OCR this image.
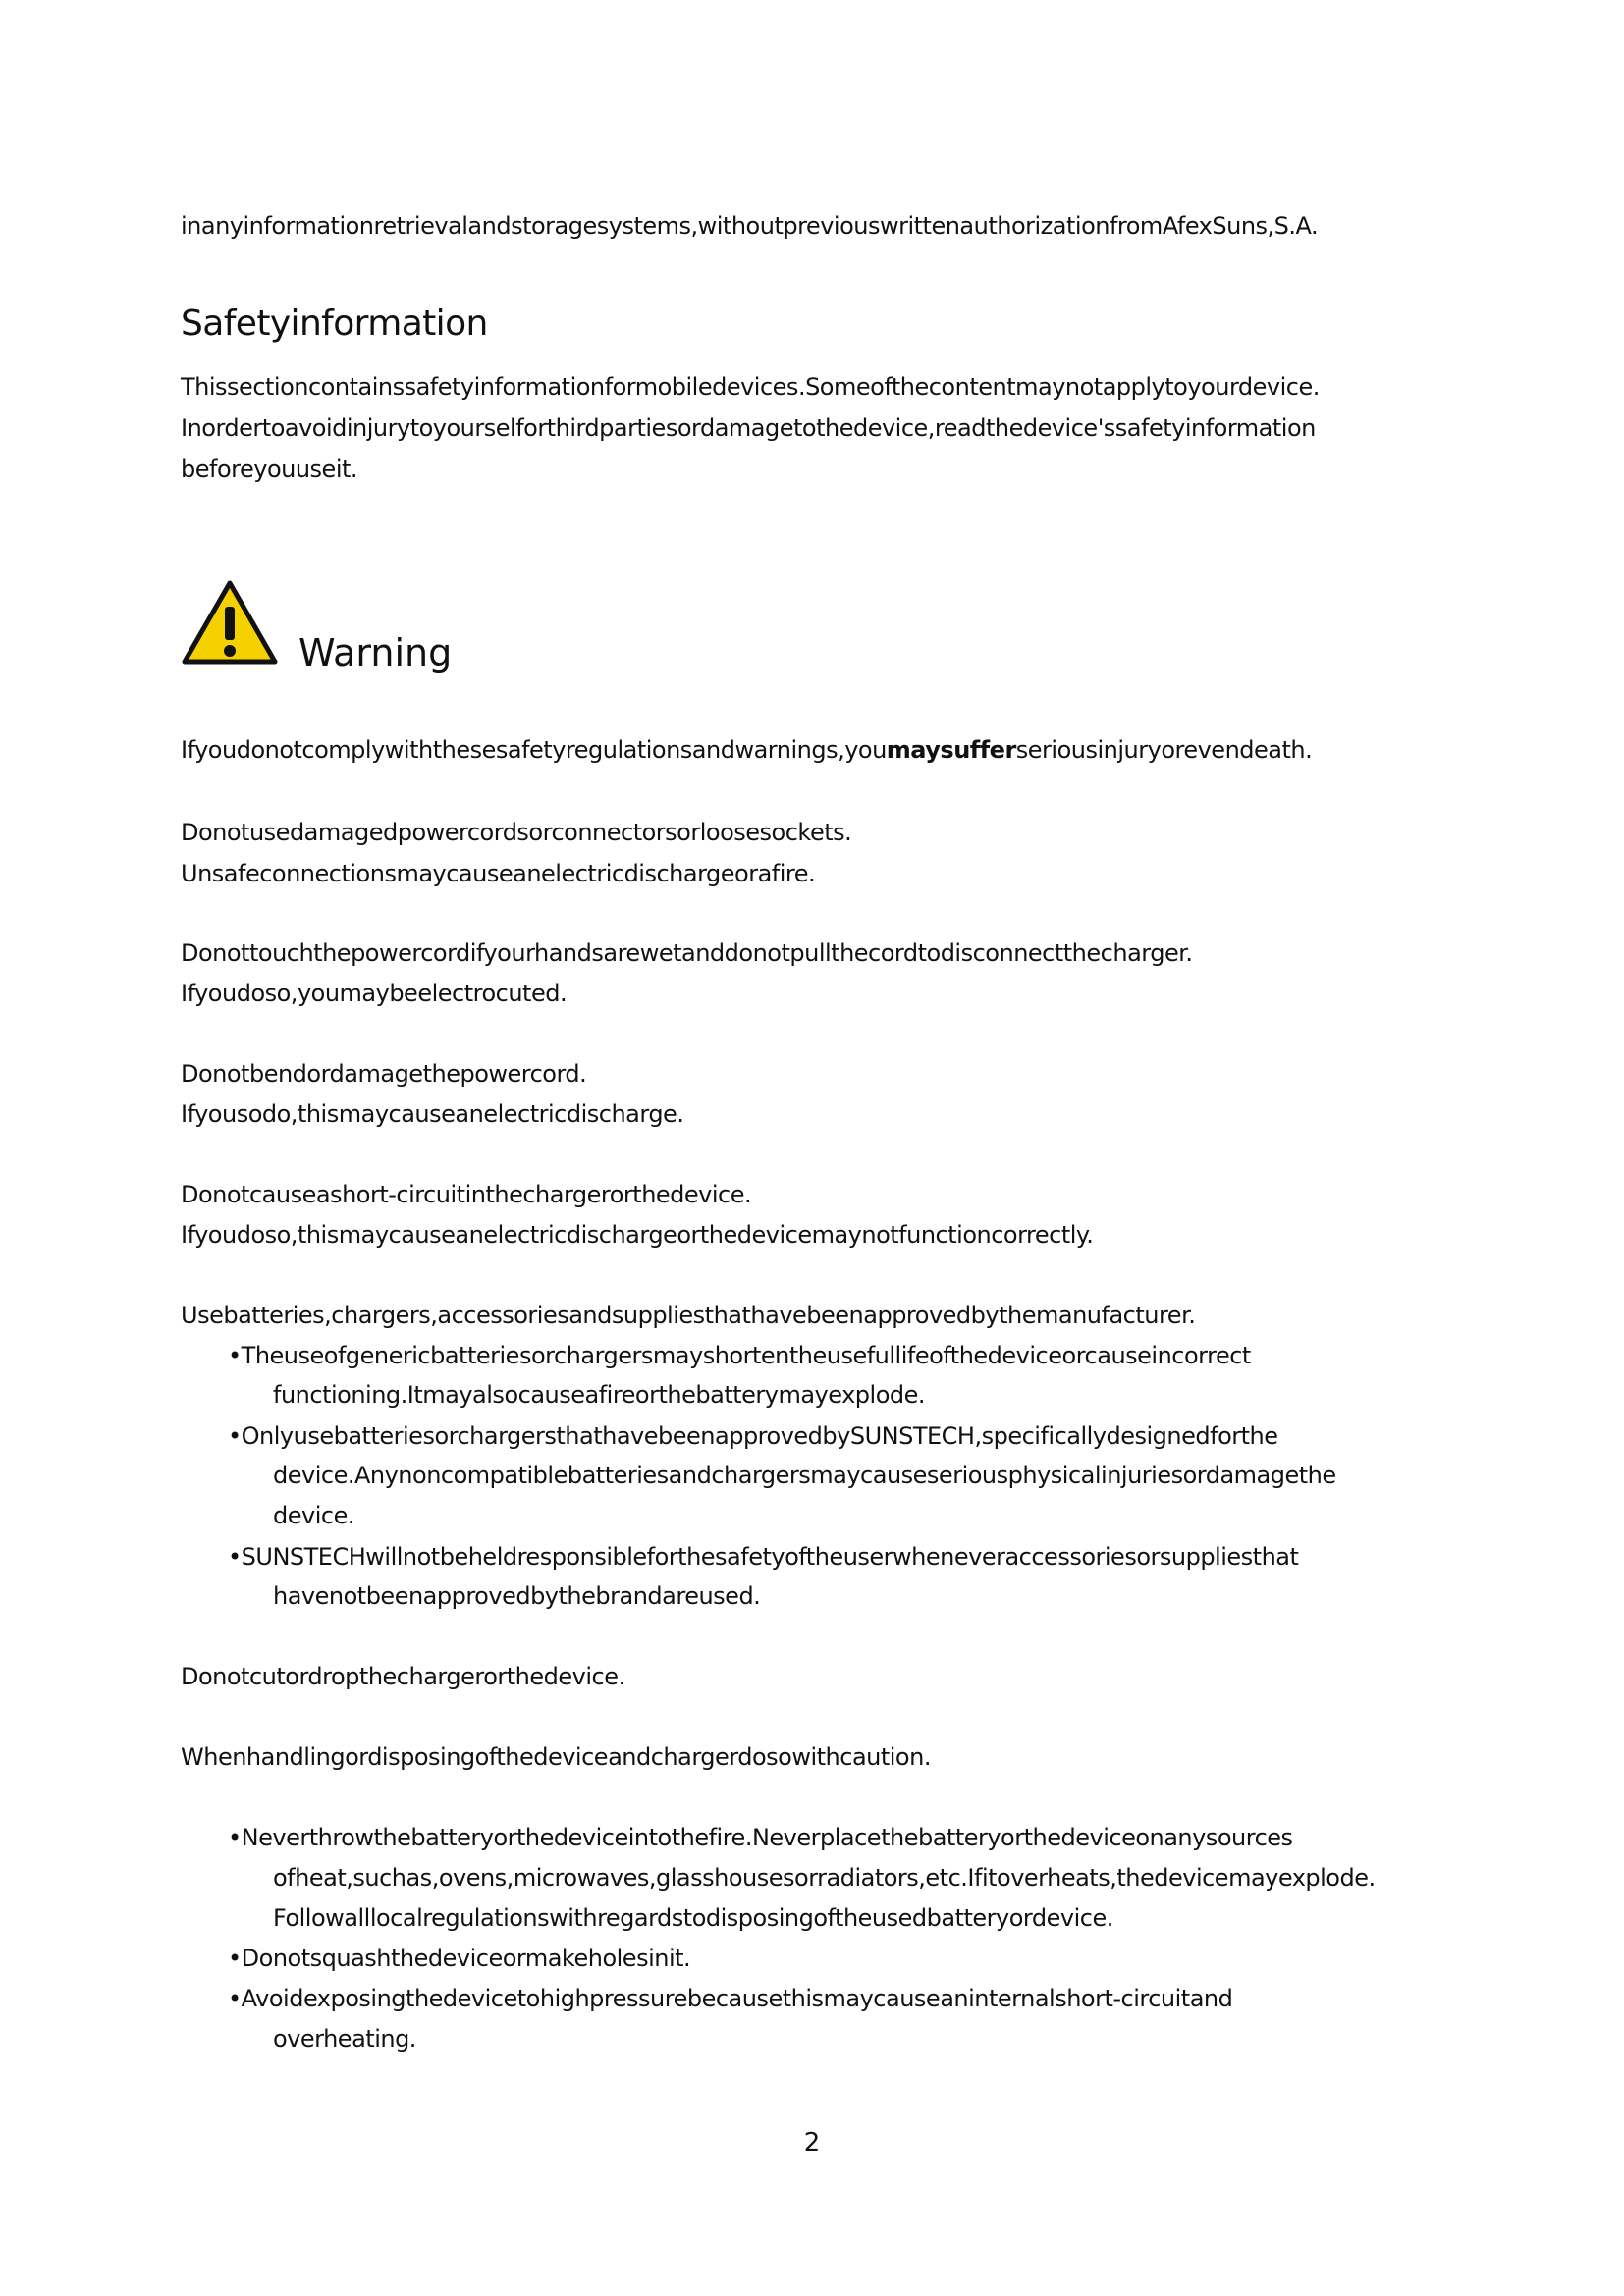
inanyinformationretrievalandstoragesystems,withoutpreviouswrittenauthorizationfromAfexSuns,S.A.
Safetyinformation
Thissectioncontainssafetyinformationformobiledevices.Someofthecontentmaynotapplytoyourdevice.
Inordertoavoidinjurytoyourselforthirdpartiesordamagetothedevice,readthedevice'ssafetyinformation
beforeyouuseit.
Warning
Ifyoudonotcomplywiththesesafetyregulationsandwarnings,youmaysufferseriousinjuryorevendeath.
Donotusedamagedpowercordsorconnectorsorloosesockets.
Unsafeconnectionsmaycauseanelectricdischargeorafire.
Donottouchthepowercordifyourhandsarewetanddonotpullthecordtodisconnectthecharger.
Ifyoudoso,youmaybeelectrocuted.
Donotbendordamagethepowercord.
Ifyousodo,thismaycauseanelectricdischarge.
Donotcauseashort-circuitinthechargerorthedevice.
Ifyoudoso,thismaycauseanelectricdischargeorthedevicemaynotfunctioncorrectly.
Usebatteries,chargers,accessoriesandsuppliesthathavebeenapprovedbythemanufacturer.
•Theuseofgenericbatteriesorchargersmayshortentheusefullifeofthedeviceorcauseincorrect
functioning.Itmayalsocauseafireorthebatterymayexplode.
•OnlyusebatteriesorchargersthathavebeenapprovedbySUNSTECH,specificallydesignedforthe
device.Anynoncompatiblebatteriesandchargersmaycauseseriousphysicalinjuriesordamagethe
device.
•SUNSTECHwillnotbeheldresponsibleforthesafetyoftheuserwheneveraccessoriesorsuppliesthat
havenotbeenapprovedbythebrandareused.
Donotcutordropthechargerorthedevice.
Whenhandlingordisposingofthedeviceandchargerdosowithcaution.
•Neverthrowthebatteryorthedeviceintothefire.Neverplacethebatteryorthedeviceonanysources
ofheat,suchas,ovens,microwaves,glasshousesorradiators,etc.Ifitoverheats,thedevicemayexplode.
Followalllocalregulationswithregardstodisposingoftheusedbatteryordevice.
•Donotsquashthedeviceormakeholesinit.
•Avoidexposingthedevicetohighpressurebecausethismaycauseaninternalshort-circuitand
overheating.
2
